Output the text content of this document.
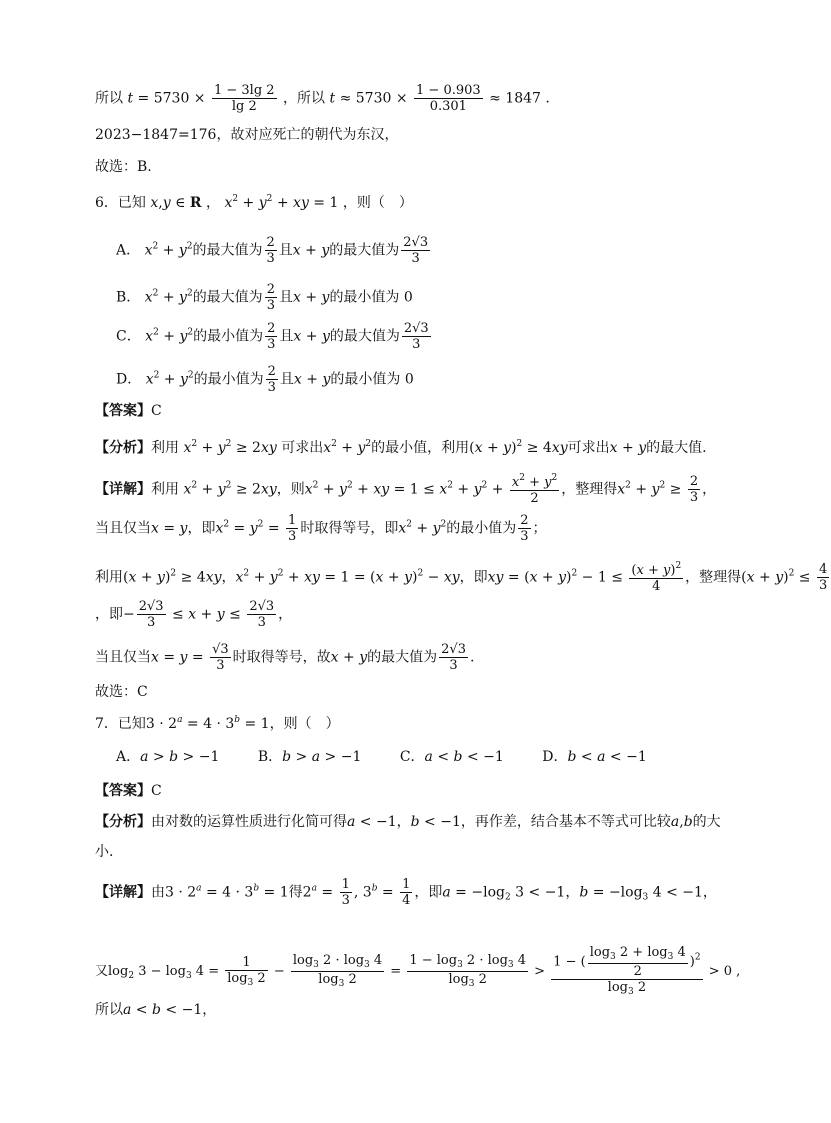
所以 $t = 5730 \times \frac{1 - 3\lg 2}{\lg 2}$ ，所以 $t \approx 5730 \times \frac{1 - 0.903}{0.301} \approx 1847$ .
2023−1847=176，故对应死亡的朝代为东汉，
故选：B.
6．已知 x,y ∈ R ， $x^2 + y^2$ + xy = 1 ，则（　）
A． $x^2 + y^2$的最大值为 $\frac{2}{3}$ 且x + y的最大值为 $\frac{2√3}{3}$
B． $x^2 + y^2$的最大值为 $\frac{2}{3}$ 且x + y的最小值为 0
C． $x^2 + y^2$的最小值为 $\frac{2}{3}$ 且x + y的最大值为 $\frac{2√3}{3}$
D． $x^2 + y^2$的最小值为 $\frac{2}{3}$ 且x + y的最小值为 0
【答案】C
【分析】利用 $x^2 + y^2 \ge 2xy$ 可求出$x^2 + y^2$的最小值，利用$(x + y)^2 \ge 4xy$可求出x + y的最大值.
【详解】利用 $x^2 + y^2 \ge 2xy$，则$x^2 + y^2$ + xy = $1 \le x^2 + y^2 + \frac{x^2 + y^2}{2}$ ，整理得$x^2 + y^2 \ge \frac{2}{3}$ ，
当且仅当x = y，即$x^2 = y^2 = \frac{1}{3}$ 时取得等号，即$x^2 + y^2$的最小值为 $\frac{2}{3}$ ；
利用$(x + y)^2 \ge 4xy$，$x^2 + y^2$ + xy = $1 = (x + y)^2$ − xy，即xy = $(x + y)^2 - 1 \le \frac{(x + y)^2}{4}$ ，整理得$(x + y)^2 \le \frac{4}{3}$
，即− $\frac{2√3}{3} \le x + y \le \frac{2√3}{3}$ ，
当且仅当$x = y = \frac{√3}{3}$ 时取得等号，故x + y的最大值为 $\frac{2√3}{3}$ .
故选：C
7．已知$3 \cdot 2^a = 4 \cdot 3^b = 1$，则（　）
A．a > b > −1	B．b > a > −1	C．a < b < −1	D．b < a < −1
【答案】C
【分析】由对数的运算性质进行化简可得a < −1，b < −1，再作差，结合基本不等式可比较a,b的大
小.
【详解】由$3 \cdot 2^a = 4 \cdot 3^b = 1$得$2^a = \frac{1}{3}$ , $3^b = \frac{1}{4}$ ，即$a = -\log_2$ 3 < −1，$b = -\log_3$ 4 < −1，
又$\log_2 3 - \log_3 4 = \frac{1}{\log_3 2} - \frac{\log_3 2 \cdot \log_3 4}{\log_3 2} = \frac{1 - \log_3 2 \cdot \log_3 4}{\log_3 2} > \frac{1 - ( \frac{\log_3 2 + \log_3 4}{2} )^2}{\log_3 2} > 0$ ,
所以a < b < −1，
